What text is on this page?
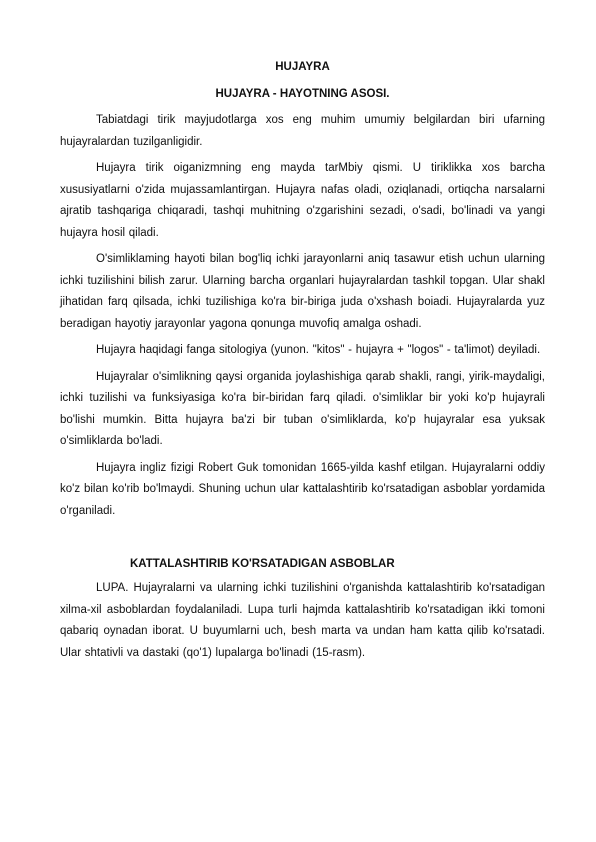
HUJAYRA

HUJAYRA - HAYOTNING ASOSI.

Tabiatdagi tirik mayjudotlarga xos eng muhim umumiy belgilardan biri ufarning hujayralardan tuzilganligidir.

Hujayra tirik oiganizmning eng mayda tarMbiy qismi. U tiriklikka xos barcha xususiyatlarni o'zida mujassamlantirgan. Hujayra nafas oladi, oziqlanadi, ortiqcha narsalarni ajratib tashqariga chiqaradi, tashqi muhitning o'zgarishini sezadi, o'sadi, bo'linadi va yangi hujayra hosil qiladi.

O'simliklaming hayoti bilan bog'liq ichki jarayonlarni aniq tasawur etish uchun ularning ichki tuzilishini bilish zarur. Ularning barcha organlari hujayralardan tashkil topgan. Ular shakl jihatidan farq qilsada, ichki tuzilishiga ko'ra bir-biriga juda o'xshash boiadi. Hujayralarda yuz beradigan hayotiy jarayonlar yagona qonunga muvofiq amalga oshadi.

Hujayra haqidagi fanga sitologiya (yunon. "kitos" - hujayra + "logos" - ta'limot) deyiladi.

Hujayralar o'simlikning qaysi organida joylashishiga qarab shakli, rangi, yirik-maydaligi, ichki tuzilishi va funksiyasiga ko'ra bir-biridan farq qiladi. o'simliklar bir yoki ko'p hujayrali bo'lishi mumkin. Bitta hujayra ba'zi bir tuban o'simliklarda, ko'p hujayralar esa yuksak o'simliklarda bo'ladi.

Hujayra ingliz fizigi Robert Guk tomonidan 1665-yilda kashf etilgan. Hujayralarni oddiy ko'z bilan ko'rib bo'lmaydi. Shuning uchun ular kattalashtirib ko'rsatadigan asboblar yordamida o'rganiladi.

KATTALASHTIRIB KO'RSATADIGAN ASBOBLAR

LUPA. Hujayralarni va ularning ichki tuzilishini o'rganishda kattalashtirib ko'rsatadigan xilma-xil asboblardan foydalaniladi. Lupa turli hajmda kattalashtirib ko'rsatadigan ikki tomoni qabariq oynadan iborat. U buyumlarni uch, besh marta va undan ham katta qilib ko'rsatadi. Ular shtativli va dastaki (qo'1) lupalarga bo'linadi (15-rasm).
